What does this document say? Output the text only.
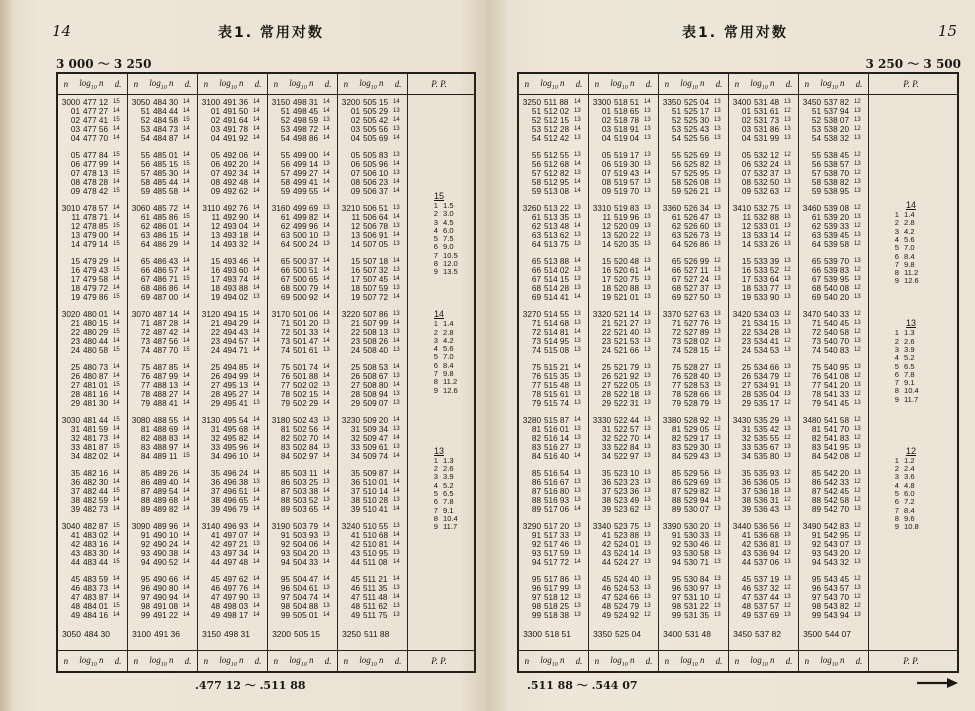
14	表1. 常用对数
3 000 ～ 3 250
n $\log_{10} n$ d. n $\log_{10} n$ d. n $\log_{10} n$ d. n $\log_{10} n$ d. n $\log_{10} n$ d.	P. P.
n $\log_{10} n$ d. n $\log_{10} n$ d. n $\log_{10} n$ d. n $\log_{10} n$ d. n $\log_{10} n$ d.	P. P.
3000 477 12 15
01 477 27 14
02 477 41 15
03 477 56 14
04 477 70 14
05 477 84 15
06 477 99 14
07 478 13 15
08 478 28 14
09 478 42 15
3010 478 57 14
11 478 71 14
12 478 85 15
13 479 00 14
14 479 14 15
15 479 29 14
16 479 43 15
17 479 58 14
18 479 72 14
19 479 86 15
3020 480 01 14
21 480 15 14
22 480 29 15
23 480 44 14
24 480 58 15
25 480 73 14
26 480 87 14
27 481 01 15
28 481 16 14
29 481 30 14
3030 481 44 15
31 481 59 14
32 481 73 14
33 481 87 15
34 482 02 14
35 482 16 14
36 482 30 14
37 482 44 15
38 482 59 14
39 482 73 14
3040 482 87 15
41 483 02 14
42 483 16 14
43 483 30 14
44 483 44 15
45 483 59 14
46 483 73 14
47 483 87 14
48 484 01 15
49 484 16 14
3050 484 30
3050 484 30 14
51 484 44 14
52 484 58 15
53 484 73 14
54 484 87 14
55 485 01 14
56 485 15 15
57 485 30 14
58 485 44 14
59 485 58 14
3060 485 72 14
61 485 86 15
62 486 01 14
63 486 15 14
64 486 29 14
65 486 43 14
66 486 57 14
67 486 71 15
68 486 86 14
69 487 00 14
3070 487 14 14
71 487 28 14
72 487 42 14
73 487 56 14
74 487 70 15
75 487 85 14
76 487 99 14
77 488 13 14
78 488 27 14
79 488 41 14
3080 488 55 14
81 488 69 14
82 488 83 14
83 488 97 14
84 489 11 15
85 489 26 14
86 489 40 14
87 489 54 14
88 489 68 14
89 489 82 14
3090 489 96 14
91 490 10 14
92 490 24 14
93 490 38 14
94 490 52 14
95 490 66 14
96 490 80 14
97 490 94 14
98 491 08 14
99 491 22 14
3100 491 36
3100 491 36 14
01 491 50 14
02 491 64 14
03 491 78 14
04 491 92 14
05 492 06 14
06 492 20 14
07 492 34 14
08 492 48 14
09 492 62 14
3110 492 76 14
11 492 90 14
12 493 04 14
13 493 18 14
14 493 32 14
15 493 46 14
16 493 60 14
17 493 74 14
18 493 88 14
19 494 02 13
3120 494 15 14
21 494 29 14
22 494 43 14
23 494 57 14
24 494 71 14
25 494 85 14
26 494 99 14
27 495 13 14
28 495 27 14
29 495 41 13
3130 495 54 14
31 495 68 14
32 495 82 14
33 495 96 14
34 496 10 14
35 496 24 14
36 496 38 13
37 496 51 14
38 496 65 14
39 496 79 14
3140 496 93 14
41 497 07 14
42 497 21 13
43 497 34 14
44 497 48 14
45 497 62 14
46 497 76 14
47 497 90 13
48 498 03 14
49 498 17 14
3150 498 31
3150 498 31 14
51 498 45 14
52 498 59 13
53 498 72 14
54 498 86 14
55 499 00 14
56 499 14 13
57 499 27 14
58 499 41 14
59 499 55 14
3160 499 69 13
61 499 82 14
62 499 96 14
63 500 10 13
64 500 24 13
65 500 37 14
66 500 51 14
67 500 65 14
68 500 79 14
69 500 92 14
3170 501 06 14
71 501 20 13
72 501 33 14
73 501 47 14
74 501 61 13
75 501 74 14
76 501 88 14
77 502 02 13
78 502 15 14
79 502 29 14
3180 502 43 13
81 502 56 14
82 502 70 14
83 502 84 13
84 502 97 14
85 503 11 14
86 503 25 13
87 503 38 14
88 503 52 13
89 503 65 14
3190 503 79 14
91 503 93 13
92 504 06 14
93 504 20 13
94 504 33 14
95 504 47 14
96 504 61 13
97 504 74 14
98 504 88 13
99 505 01 14
3200 505 15
3200 505 15 14
01 505 29 13
02 505 42 14
03 505 56 13
04 505 69 14
05 505 83 13
06 505 96 14
07 506 10 13
08 506 23 14
09 506 37 14
3210 506 51 13
11 506 64 14
12 506 78 13
13 506 91 14
14 507 05 13
15 507 18 14
16 507 32 13
17 507 45 14
18 507 59 13
19 507 72 14
3220 507 86 13
21 507 99 14
22 508 13 13
23 508 26 14
24 508 40 13
25 508 53 14
26 508 67 13
27 508 80 14
28 508 94 13
29 509 07 13
3230 509 20 14
31 509 34 13
32 509 47 14
33 509 61 13
34 509 74 14
35 509 87 14
36 510 01 14
37 510 14 14
38 510 28 13
39 510 41 14
3240 510 55 13
41 510 68 14
42 510 81 14
43 510 95 13
44 511 08 14
45 511 21 14
46 511 35 13
47 511 48 14
48 511 62 13
49 511 75 13
3250 511 88
15
1 1.5
2 3.0
3 4.5
4 6.0
5 7.5
6 9.0
7 10.5
8 12.0
9 13.5
14
1 1.4
2 2.8
3 4.2
4 5.6
5 7.0
6 8.4
7 9.8
8 11.2
9 12.6
13
1 1.3
2 2.6
3 3.9
4 5.2
5 6.5
6 7.8
7 9.1
8 10.4
9 11.7
.477 12 ～ .511 88
15
表1. 常用对数
3 250 ～ 3 500
n $\log_{10} n$ d. n $\log_{10} n$ d. n $\log_{10} n$ d. n $\log_{10} n$ d. n $\log_{10} n$ d.	P. P.
n $\log_{10} n$ d. n $\log_{10} n$ d. n $\log_{10} n$ d. n $\log_{10} n$ d. n $\log_{10} n$ d.	P. P.
3250 511 88 14
51 512 02 13
52 512 15 13
53 512 28 14
54 512 42 13
55 512 55 13
56 512 68 14
57 512 82 13
58 512 95 14
59 513 08 14
3260 513 22 13
61 513 35 13
62 513 48 14
63 513 62 13
64 513 75 13
65 513 88 14
66 514 02 13
67 514 15 13
68 514 28 13
69 514 41 14
3270 514 55 13
71 514 68 13
72 514 81 14
73 514 95 13
74 515 08 13
75 515 21 14
76 515 35 13
77 515 48 13
78 515 61 13
79 515 74 13
3280 515 87 14
81 516 01 13
82 516 14 13
83 516 27 13
84 516 40 14
85 516 54 13
86 516 67 13
87 516 80 13
88 516 93 13
89 517 06 14
3290 517 20 13
91 517 33 13
92 517 46 13
93 517 59 13
94 517 72 14
95 517 86 13
96 517 99 13
97 518 12 13
98 518 25 13
99 518 38 13
3300 518 51
3300 518 51 14
01 518 65 13
02 518 78 13
03 518 91 13
04 519 04 13
05 519 17 13
06 519 30 13
07 519 43 14
08 519 57 13
09 519 70 13
3310 519 83 13
11 519 96 13
12 520 09 13
13 520 22 13
14 520 35 13
15 520 48 13
16 520 61 14
17 520 75 13
18 520 88 13
19 521 01 13
3320 521 14 13
21 521 27 13
22 521 40 13
23 521 53 13
24 521 66 13
25 521 79 13
26 521 92 13
27 522 05 13
28 522 18 13
29 522 31 13
3330 522 44 13
31 522 57 13
32 522 70 14
33 522 84 13
34 522 97 13
35 523 10 13
36 523 23 13
37 523 36 13
38 523 49 13
39 523 62 13
3340 523 75 13
41 523 88 13
42 524 01 13
43 524 14 13
44 524 27 13
45 524 40 13
46 524 53 13
47 524 66 13
48 524 79 13
49 524 92 12
3350 525 04
3350 525 04 13
51 525 17 13
52 525 30 13
53 525 43 13
54 525 56 13
55 525 69 13
56 525 82 13
57 525 95 13
58 526 08 13
59 526 21 13
3360 526 34 13
61 526 47 13
62 526 60 13
63 526 73 13
64 526 86 13
65 526 99 12
66 527 11 13
67 527 24 13
68 527 37 13
69 527 50 13
3370 527 63 13
71 527 76 13
72 527 89 13
73 528 02 13
74 528 15 12
75 528 27 13
76 528 40 13
77 528 53 13
78 528 66 13
79 528 79 13
3380 528 92 13
81 529 05 12
82 529 17 13
83 529 30 13
84 529 43 13
85 529 56 13
86 529 69 13
87 529 82 12
88 529 94 13
89 530 07 13
3390 530 20 13
91 530 33 13
92 530 46 12
93 530 58 13
94 530 71 13
95 530 84 13
96 530 97 13
97 531 10 12
98 531 22 13
99 531 35 13
3400 531 48
3400 531 48 13
01 531 61 12
02 531 73 13
03 531 86 13
04 531 99 13
05 532 12 12
06 532 24 13
07 532 37 13
08 532 50 13
09 532 63 12
3410 532 75 13
11 532 88 13
12 533 01 13
13 533 14 12
14 533 26 13
15 533 39 13
16 533 52 12
17 533 64 13
18 533 77 13
19 533 90 13
3420 534 03 12
21 534 15 13
22 534 28 13
23 534 41 12
24 534 53 13
25 534 66 13
26 534 79 12
27 534 91 13
28 535 04 13
29 535 17 12
3430 535 29 13
31 535 42 13
32 535 55 12
33 535 67 13
34 535 80 13
35 535 93 12
36 536 05 13
37 536 18 13
38 536 31 12
39 536 43 13
3440 536 56 12
41 536 68 13
42 536 81 13
43 536 94 12
44 537 06 13
45 537 19 13
46 537 32 12
47 537 44 13
48 537 57 12
49 537 69 13
3450 537 82
3450 537 82 12
51 537 94 13
52 538 07 13
53 538 20 12
54 538 32 13
55 538 45 12
56 538 57 13
57 538 70 12
58 538 82 13
59 538 95 13
3460 539 08 12
61 539 20 13
62 539 33 12
63 539 45 13
64 539 58 12
65 539 70 13
66 539 83 12
67 539 95 13
68 540 08 12
69 540 20 13
3470 540 33 12
71 540 45 13
72 540 58 12
73 540 70 13
74 540 83 12
75 540 95 13
76 541 08 12
77 541 20 13
78 541 33 12
79 541 45 13
3480 541 58 12
81 541 70 13
82 541 83 12
83 541 95 13
84 542 08 12
85 542 20 13
86 542 33 12
87 542 45 12
88 542 58 12
89 542 70 13
3490 542 83 12
91 542 95 12
92 543 07 13
93 543 20 12
94 543 32 13
95 543 45 12
96 543 57 13
97 543 70 12
98 543 82 12
99 543 94 13
3500 544 07
14
1 1.4
2 2.8
3 4.2
4 5.6
5 7.0
6 8.4
7 9.8
8 11.2
9 12.6
13
1 1.3
2 2.6
3 3.9
4 5.2
5 6.5
6 7.8
7 9.1
8 10.4
9 11.7
12
1 1.2
2 2.4
3 3.6
4 4.8
5 6.0
6 7.2
7 8.4
8 9.6
9 10.8
.511 88 ～ .544 07
